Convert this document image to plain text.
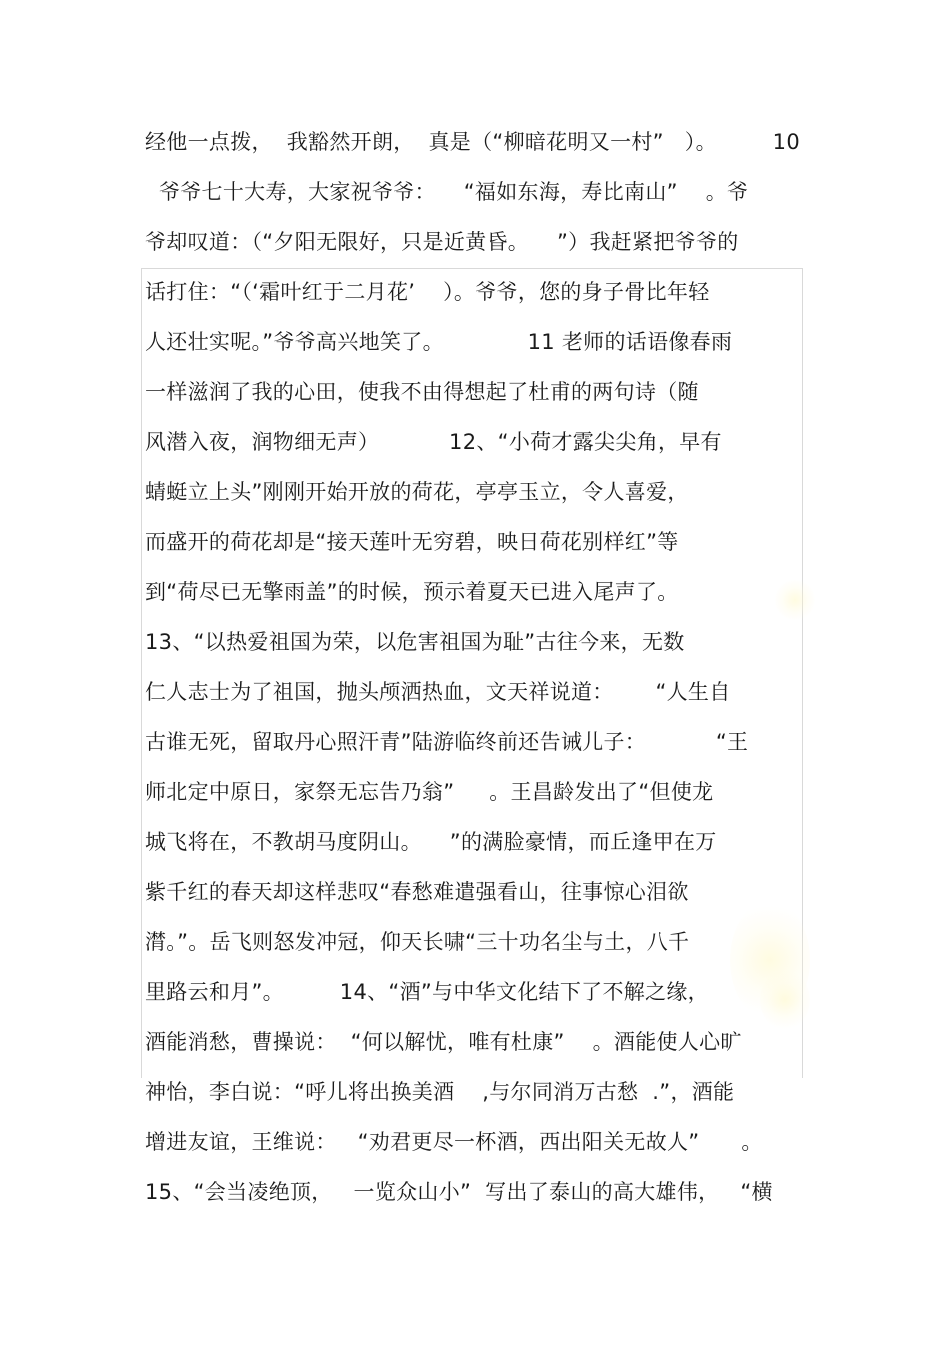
经他一点拨，  我豁然开朗，  真是（“柳暗花明又一村”   ）。        10
爷爷七十大寿，大家祝爷爷：    “福如东海，寿比南山”    。爷
爷却叹道：（“夕阳无限好，只是近黄昏。    ”）我赶紧把爷爷的
话打住：“（‘霜叶红于二月花’    ）。爷爷，您的身子骨比年轻
人还壮实呢。”爷爷高兴地笑了。            11 老师的话语像春雨
一样滋润了我的心田，使我不由得想起了杜甫的两句诗（随
风潜入夜，润物细无声）          12、“小荷才露尖尖角，早有
蜻蜓立上头”刚刚开始开放的荷花，亭亭玉立，令人喜爱，
而盛开的荷花却是“接天莲叶无穷碧，映日荷花别样红”等
到“荷尽已无擎雨盖”的时候，预示着夏天已进入尾声了。
13、“以热爱祖国为荣，以危害祖国为耻”古往今来，无数
仁人志士为了祖国，抛头颅洒热血，文天祥说道：      “人生自
古谁无死，留取丹心照汗青”陆游临终前还告诫儿子：          “王
师北定中原日，家祭无忘告乃翁”     。王昌龄发出了“但使龙
城飞将在，不教胡马度阴山。    ”的满脸豪情，而丘逢甲在万
紫千红的春天却这样悲叹“春愁难遣强看山，往事惊心泪欲
潸。”。岳飞则怒发冲冠，仰天长啸“三十功名尘与土，八千
里路云和月”。        14、“酒”与中华文化结下了不解之缘，
酒能消愁，曹操说：  “何以解忧，唯有杜康”    。酒能使人心旷
神怡，李白说：“呼儿将出换美酒    ,与尔同消万古愁  .”，酒能
增进友谊，王维说：   “劝君更尽一杯酒，西出阳关无故人”      。
15、“会当凌绝顶，   一览众山小”  写出了泰山的高大雄伟，   “横
